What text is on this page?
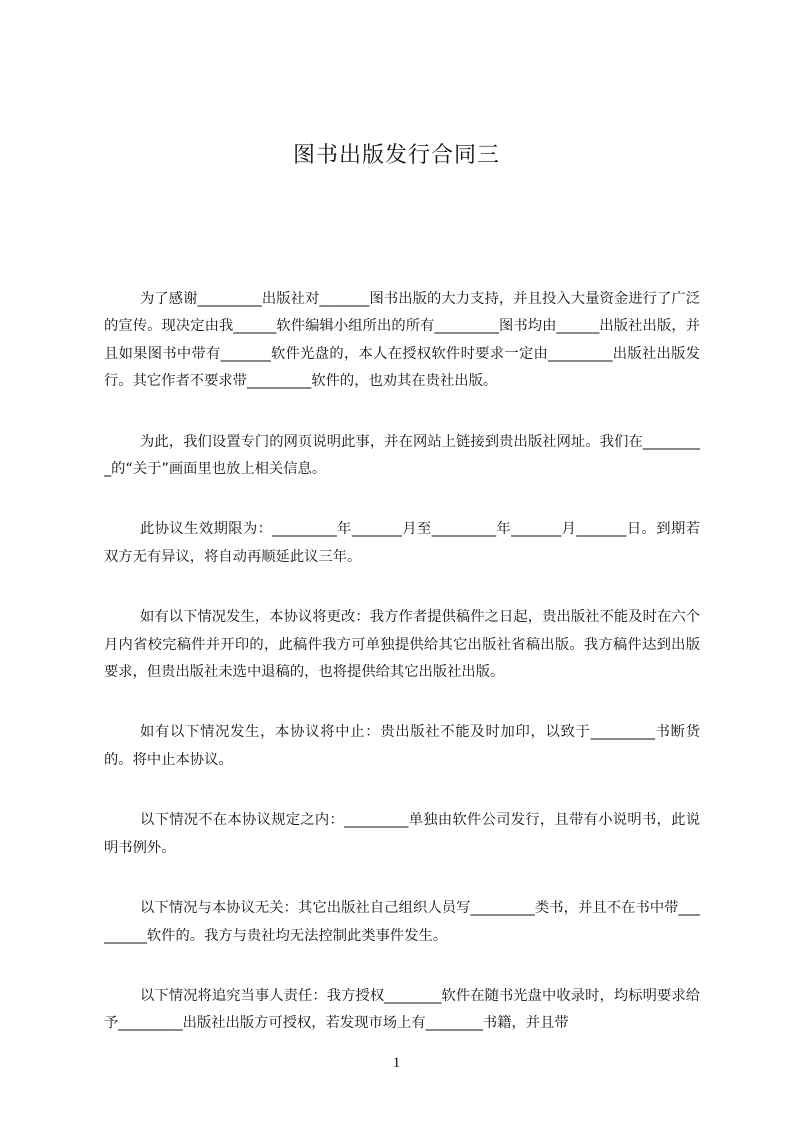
图书出版发行合同三

为了感谢_________出版社对_______图书出版的大力支持，并且投入大量资金进行了广泛的宣传。现决定由我______软件编辑小组所出的所有_________图书均由______出版社出版，并且如果图书中带有_______软件光盘的，本人在授权软件时要求一定由_________出版社出版发行。其它作者不要求带_________软件的，也劝其在贵社出版。

为此，我们设置专门的网页说明此事，并在网站上链接到贵出版社网址。我们在_________的“关于”画面里也放上相关信息。

此协议生效期限为：_________年_______月至_________年_______月_______日。到期若双方无有异议，将自动再顺延此议三年。

如有以下情况发生，本协议将更改：我方作者提供稿件之日起，贵出版社不能及时在六个月内省校完稿件并开印的，此稿件我方可单独提供给其它出版社省稿出版。我方稿件达到出版要求，但贵出版社未选中退稿的，也将提供给其它出版社出版。

如有以下情况发生，本协议将中止：贵出版社不能及时加印，以致于_________书断货的。将中止本协议。

以下情况不在本协议规定之内：_________单独由软件公司发行，且带有小说明书，此说明书例外。

以下情况与本协议无关：其它出版社自己组织人员写_________类书，并且不在书中带_________软件的。我方与贵社均无法控制此类事件发生。

以下情况将追究当事人责任：我方授权________软件在随书光盘中收录时，均标明要求给予_________出版社出版方可授权，若发现市场上有________书籍，并且带

1
